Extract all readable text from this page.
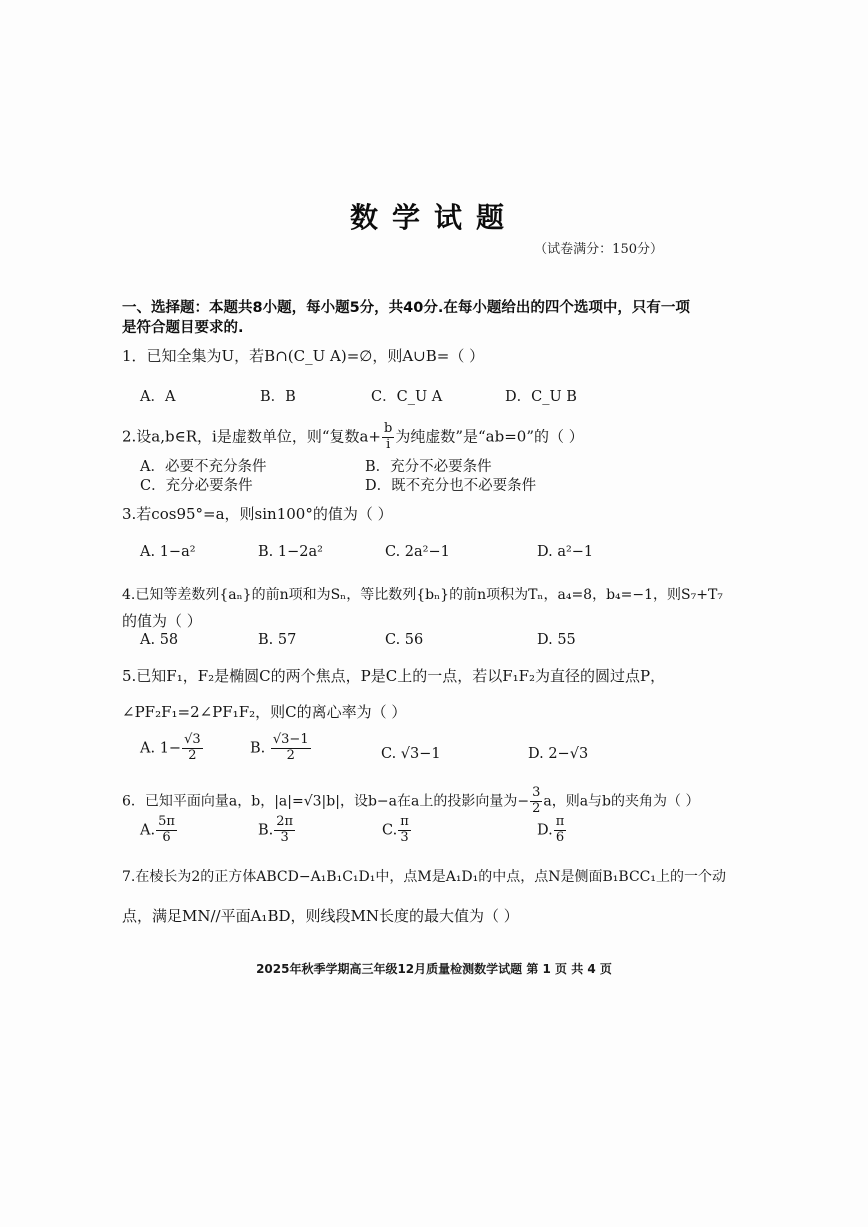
数学试题
（试卷满分：150分）
一、选择题：本题共8小题，每小题5分，共40分.在每小题给出的四个选项中，只有一项
是符合题目要求的.
1．已知全集为U，若B∩(C_U A)=∅，则A∪B=（ ）
A．A	B．B	C．C_U A	D．C_U B
2.设a,b∈R，i是虚数单位，则“复数$a+ \frac{b}{i}$ 为纯虚数”是“ab=0”的（ ）
A．必要不充分条件	B．充分不必要条件
C．充分必要条件	D．既不充分也不必要条件
3.若cos95°=a，则sin100°的值为（ ）
A. 1−a²	B. 1−2a²	C. 2a²−1	D. a²−1
4.已知等差数列{aₙ}的前n项和为Sₙ，等比数列{bₙ}的前n项积为Tₙ，a₄=8，b₄=−1，则S₇+T₇
的值为（ ）
A. 58	B. 57	C. 56	D. 55
5.已知F₁，F₂是椭圆C的两个焦点，P是C上的一点，若以F₁F₂为直径的圆过点P，
∠PF₂F₁=2∠PF₁F₂，则C的离心率为（ ）
A. $1- \frac{√3}{2}$	B. $\frac{√3-1}{2}$	C. √3−1	D. 2−√3
6．已知平面向量a，b，|a|=√3|b|，设b−a在a上的投影向量为− $\frac{3}{2}$ a，则a与b的夹角为（ ）
A. $\frac{5\pi}{6}$	B. $\frac{2\pi}{3}$	C. $\frac{\pi}{3}$	D. $\frac{\pi}{6}$
7.在棱长为2的正方体ABCD−A₁B₁C₁D₁中，点M是A₁D₁的中点，点N是侧面B₁BCC₁上的一个动
点，满足MN//平面A₁BD，则线段MN长度的最大值为（ ）
2025年秋季学期高三年级12月质量检测数学试题 第 1 页 共 4 页
